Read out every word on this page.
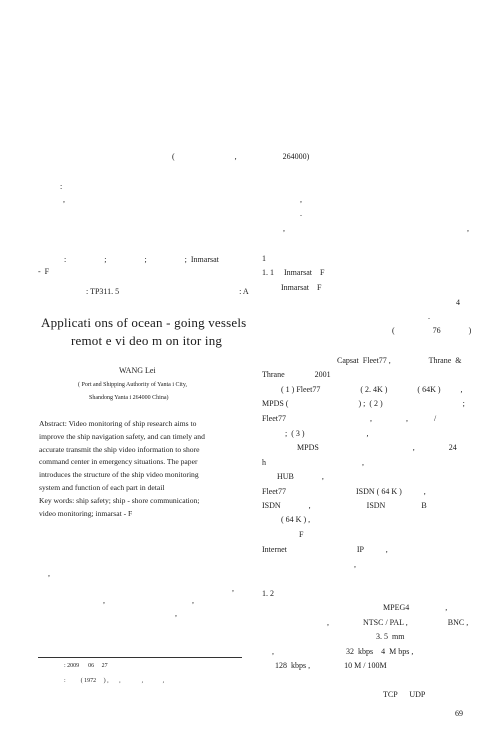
(                              ,                       264000)
:
,
:                   ;                   ;                   ;  Inmarsat
-  F
: TP311. 5                                                            : A
Applicati ons of ocean - going vessels
remot e vi deo m on itor ing
WANG Lei
( Port and Shipping Authority of Yanta i City,
Shandong Yanta i 264000 China)
Abstract: Video monitoring of ship research aims to
improve the ship navigation safety, and can timely and
accurate transmit the ship video information to shore
command center in emergency situations. The paper
introduces the structure of the ship video monitoring
system and function of each part in detail
Key words: ship safety; ship - shore communication;
video monitoring; inmarsat - F
,
,
,	,
,
: 2009      06     27
:          ( 1972     ) ,       ,              ,             ,
,
.
,	,
1
1. 1     Inmarsat    F
Inmarsat    F
4
.
(                   76              )
Capsat  Fleet77 ,                   Thrane  &
Thrane               2001
( 1 ) Fleet77                    ( 2. 4K )               ( 64K )          ,
MPDS (                                   ) ;  ( 2 )                                        ;
Fleet77                                          ,                 ,             /
;  ( 3 )                               ,
MPDS                                               ,                 24
h                                                ,
HUB              ,
Fleet77                                   ISDN ( 64 K )           ,
ISDN              ,                            ISDN                  B
( 64 K ) ,
F
Internet                                   IP           ,
,
1. 2
MPEG4                  ,
,                 NTSC / PAL ,                    BNC ,
3. 5  mm
,                                    32  kbps    4  M bps ,
128  kbps ,                 10 M / 100M
TCP      UDP
69
